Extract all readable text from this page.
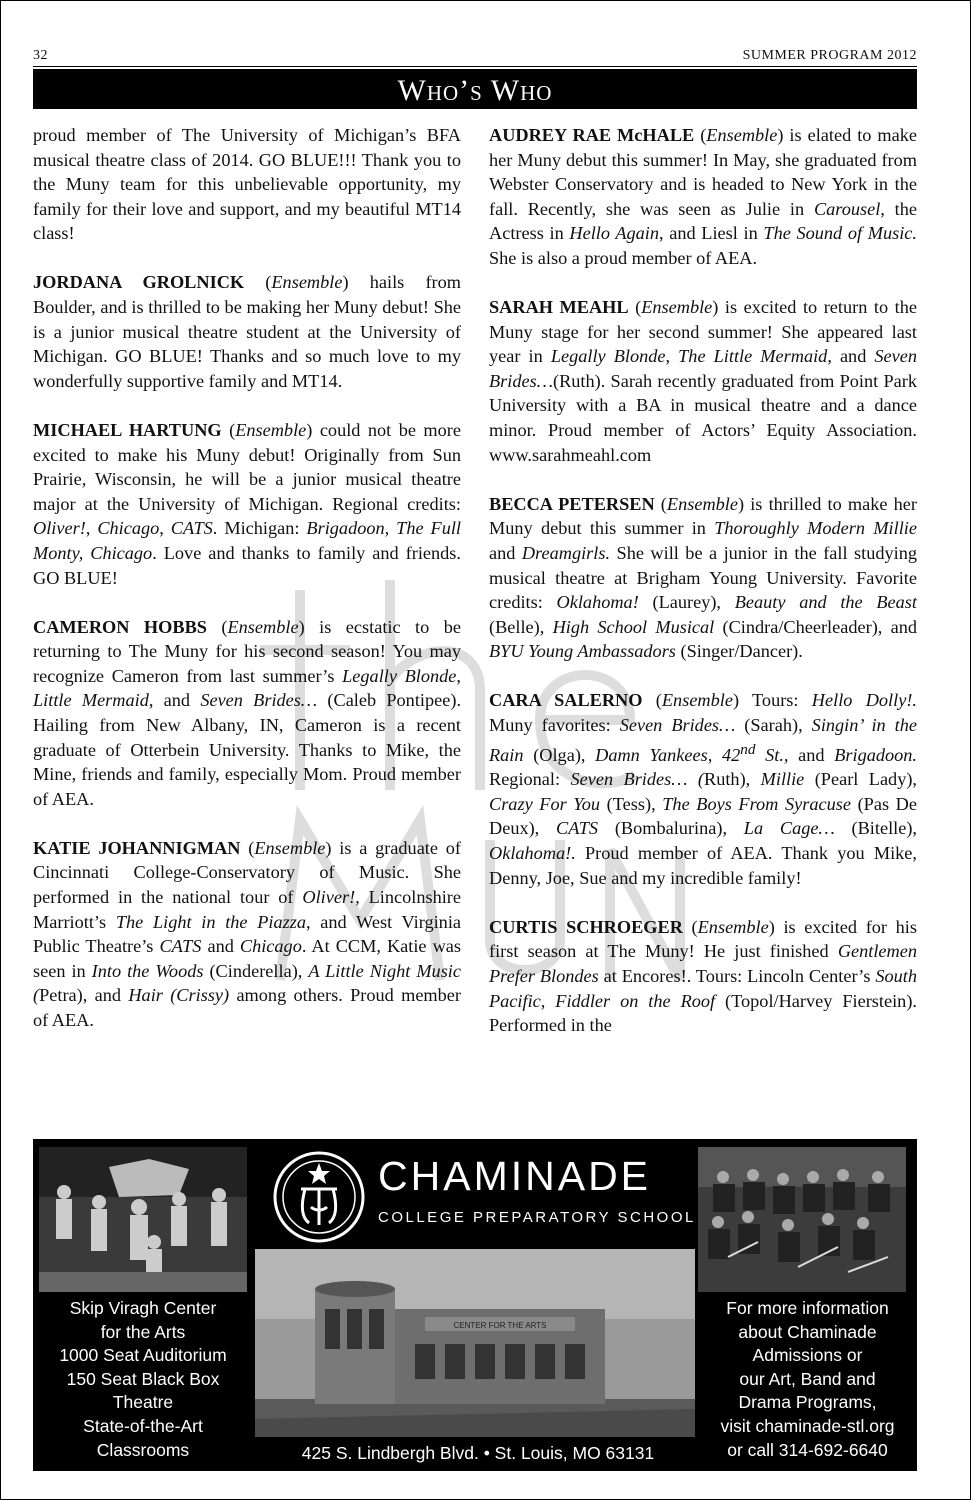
32	SUMMER PROGRAM 2012
Who’s Who

proud member of The University of Michigan’s BFA musical theatre class of 2014. GO BLUE!!! Thank you to the Muny team for this unbelievable opportunity, my family for their love and support, and my beautiful MT14 class!

JORDANA GROLNICK (Ensemble) hails from Boulder, and is thrilled to be making her Muny debut! She is a junior musical theatre student at the University of Michigan. GO BLUE! Thanks and so much love to my wonderfully supportive family and MT14.

MICHAEL HARTUNG (Ensemble) could not be more excited to make his Muny debut! Originally from Sun Prairie, Wisconsin, he will be a junior musical theatre major at the University of Michigan. Regional credits: Oliver!, Chicago, CATS. Michigan: Brigadoon, The Full Monty, Chicago. Love and thanks to family and friends. GO BLUE!

CAMERON HOBBS (Ensemble) is ecstatic to be returning to The Muny for his second season! You may recognize Cameron from last summer’s Legally Blonde, Little Mermaid, and Seven Brides… (Caleb Pontipee). Hailing from New Albany, IN, Cameron is a recent graduate of Otterbein University. Thanks to Mike, the Mine, friends and family, especially Mom. Proud member of AEA.

KATIE JOHANNIGMAN (Ensemble) is a graduate of Cincinnati College-Conservatory of Music. She performed in the national tour of Oliver!, Lincolnshire Marriott’s The Light in the Piazza, and West Virginia Public Theatre’s CATS and Chicago. At CCM, Katie was seen in Into the Woods (Cinderella), A Little Night Music (Petra), and Hair (Crissy) among others. Proud member of AEA.

AUDREY RAE McHALE (Ensemble) is elated to make her Muny debut this summer! In May, she graduated from Webster Conservatory and is headed to New York in the fall. Recently, she was seen as Julie in Carousel, the Actress in Hello Again, and Liesl in The Sound of Music. She is also a proud member of AEA.

SARAH MEAHL (Ensemble) is excited to return to the Muny stage for her second summer! She appeared last year in Legally Blonde, The Little Mermaid, and Seven Brides…(Ruth). Sarah recently graduated from Point Park University with a BA in musical theatre and a dance minor. Proud member of Actors’ Equity Association. www.sarahmeahl.com

BECCA PETERSEN (Ensemble) is thrilled to make her Muny debut this summer in Thoroughly Modern Millie and Dreamgirls. She will be a junior in the fall studying musical theatre at Brigham Young University. Favorite credits: Oklahoma! (Laurey), Beauty and the Beast (Belle), High School Musical (Cindra/Cheerleader), and BYU Young Ambassadors (Singer/Dancer).

CARA SALERNO (Ensemble) Tours: Hello Dolly!. Muny favorites: Seven Brides… (Sarah), Singin’ in the Rain (Olga), Damn Yankees, 42nd St., and Brigadoon. Regional: Seven Brides… (Ruth), Millie (Pearl Lady), Crazy For You (Tess), The Boys From Syracuse (Pas De Deux), CATS (Bombalurina), La Cage… (Bitelle), Oklahoma!. Proud member of AEA. Thank you Mike, Denny, Joe, Sue and my incredible family!

CURTIS SCHROEGER (Ensemble) is excited for his first season at The Muny! He just finished Gentlemen Prefer Blondes at Encores!. Tours: Lincoln Center’s South Pacific, Fiddler on the Roof (Topol/Harvey Fierstein). Performed in the

Skip Viragh Center
for the Arts
1000 Seat Auditorium
150 Seat Black Box
Theatre
State-of-the-Art
Classrooms
CHAMINADE
COLLEGE PREPARATORY SCHOOL
CENTER FOR THE ARTS
425 S. Lindbergh Blvd. • St. Louis, MO 63131
For more information
about Chaminade
Admissions or
our Art, Band and
Drama Programs,
visit chaminade-stl.org
or call 314-692-6640
